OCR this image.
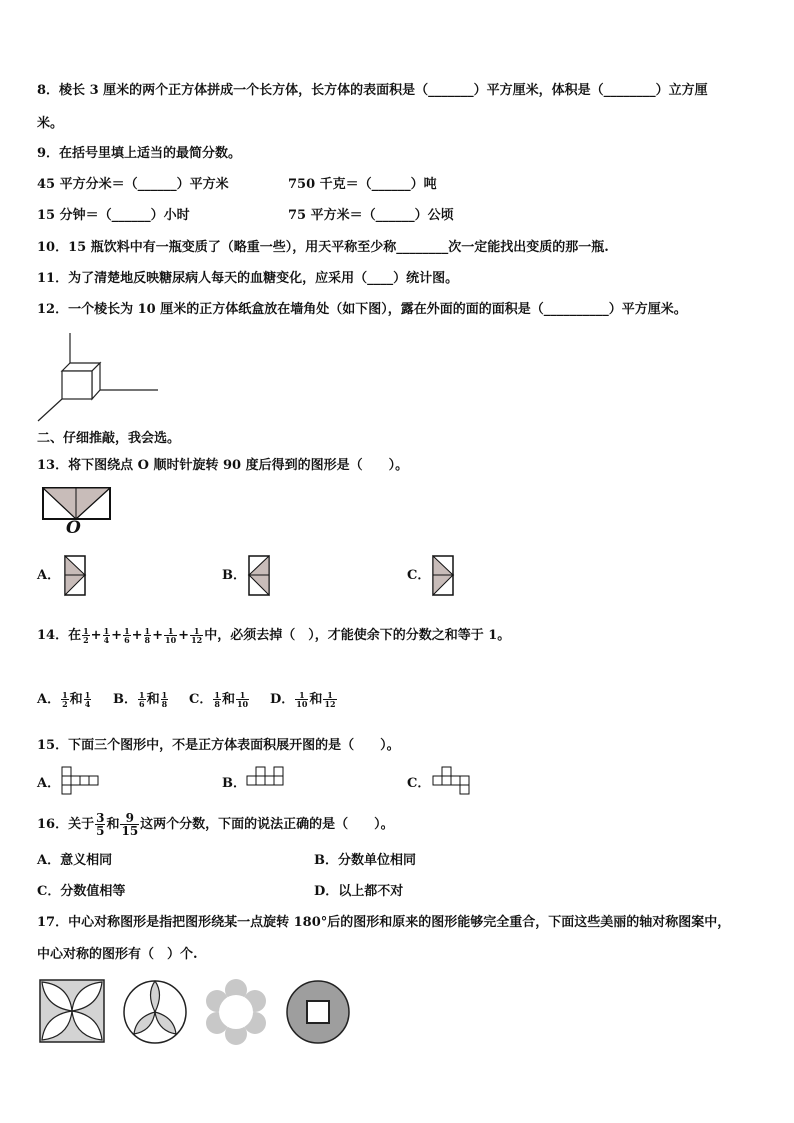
8．棱长 3 厘米的两个正方体拼成一个长方体，长方体的表面积是（_______）平方厘米，体积是（________）立方厘
米。
9．在括号里填上适当的最简分数。
45 平方分米＝（______）平方米	750 千克＝（______）吨
15 分钟＝（______）小时	75 平方米＝（______）公顷
10．15 瓶饮料中有一瓶变质了（略重一些），用天平称至少称________次一定能找出变质的那一瓶.
11．为了清楚地反映糖尿病人每天的血糖变化，应采用（____）统计图。
12．一个棱长为 10 厘米的正方体纸盒放在墙角处（如下图），露在外面的面的面积是（__________）平方厘米。
二、仔细推敲，我会选。
13．将下图绕点 O 顺时针旋转 90 度后得到的图形是（　　）。
O
A．	B．	C．
14．在 $\frac{1}{2} + \frac{1}{4} + \frac{1}{6} + \frac{1}{8} + \frac{1}{10} + \frac{1}{12}$ 中，必须去掉（　），才能使余下的分数之和等于 1。
A． $\frac{1}{2}$ 和 $\frac{1}{4}$ B． $\frac{1}{6}$ 和 $\frac{1}{8}$ C． $\frac{1}{8}$ 和 $\frac{1}{10}$ D． $\frac{1}{10}$ 和 $\frac{1}{12}$
15．下面三个图形中，不是正方体表面积展开图的是（　　）。
A．	B．	C．
16．关于 $\frac{3}{5}$ 和 $\frac{9}{15}$ 这两个分数，下面的说法正确的是（　　）。
A．意义相同	B．分数单位相同
C．分数值相等	D．以上都不对
17．中心对称图形是指把图形绕某一点旋转 180°后的图形和原来的图形能够完全重合，下面这些美丽的轴对称图案中，
中心对称的图形有（　）个.
